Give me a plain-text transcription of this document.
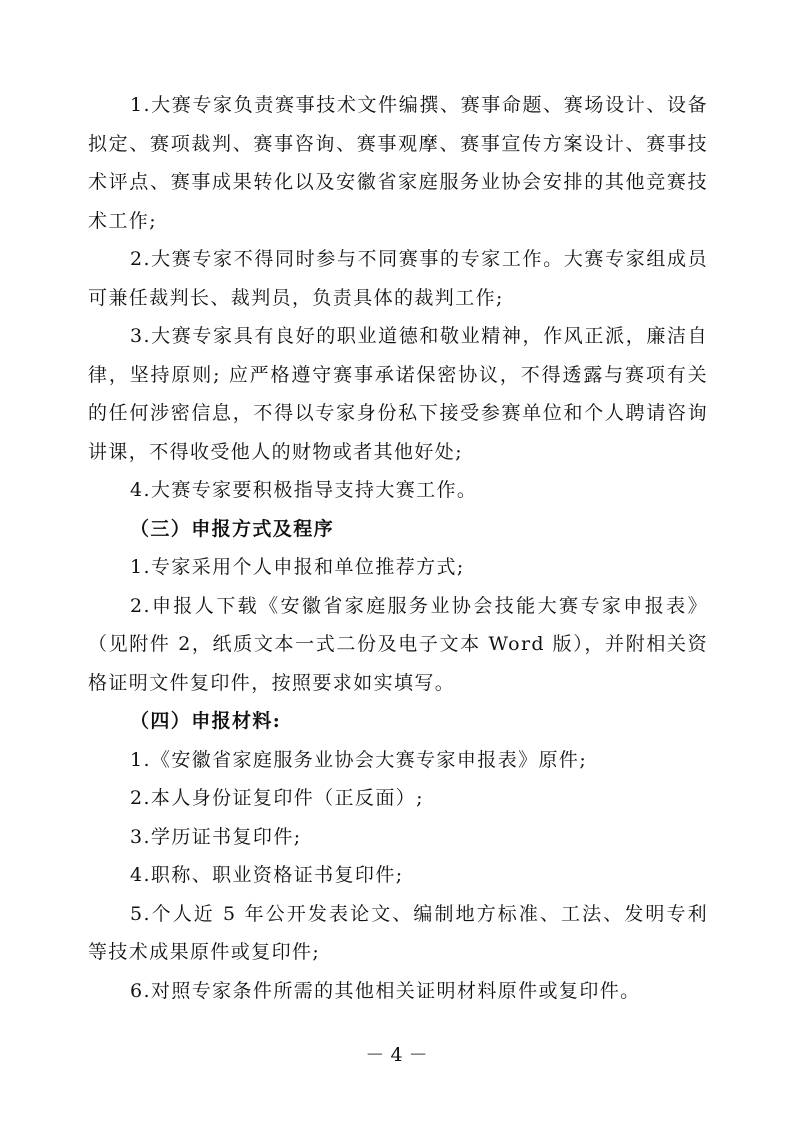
1.大赛专家负责赛事技术文件编撰、赛事命题、赛场设计、设备拟定、赛项裁判、赛事咨询、赛事观摩、赛事宣传方案设计、赛事技术评点、赛事成果转化以及安徽省家庭服务业协会安排的其他竞赛技术工作;

2.大赛专家不得同时参与不同赛事的专家工作。大赛专家组成员可兼任裁判长、裁判员，负责具体的裁判工作;

3.大赛专家具有良好的职业道德和敬业精神，作风正派，廉洁自律，坚持原则; 应严格遵守赛事承诺保密协议，不得透露与赛项有关的任何涉密信息，不得以专家身份私下接受参赛单位和个人聘请咨询讲课，不得收受他人的财物或者其他好处;

4.大赛专家要积极指导支持大赛工作。

（三）申报方式及程序

1.专家采用个人申报和单位推荐方式;

2.申报人下载《安徽省家庭服务业协会技能大赛专家申报表》（见附件 2，纸质文本一式二份及电子文本 Word 版），并附相关资格证明文件复印件，按照要求如实填写。

（四）申报材料:

1.《安徽省家庭服务业协会大赛专家申报表》原件;

2.本人身份证复印件（正反面）;

3.学历证书复印件;

4.职称、职业资格证书复印件;

5.个人近 5 年公开发表论文、编制地方标准、工法、发明专利等技术成果原件或复印件;

6.对照专家条件所需的其他相关证明材料原件或复印件。

－ 4 －
